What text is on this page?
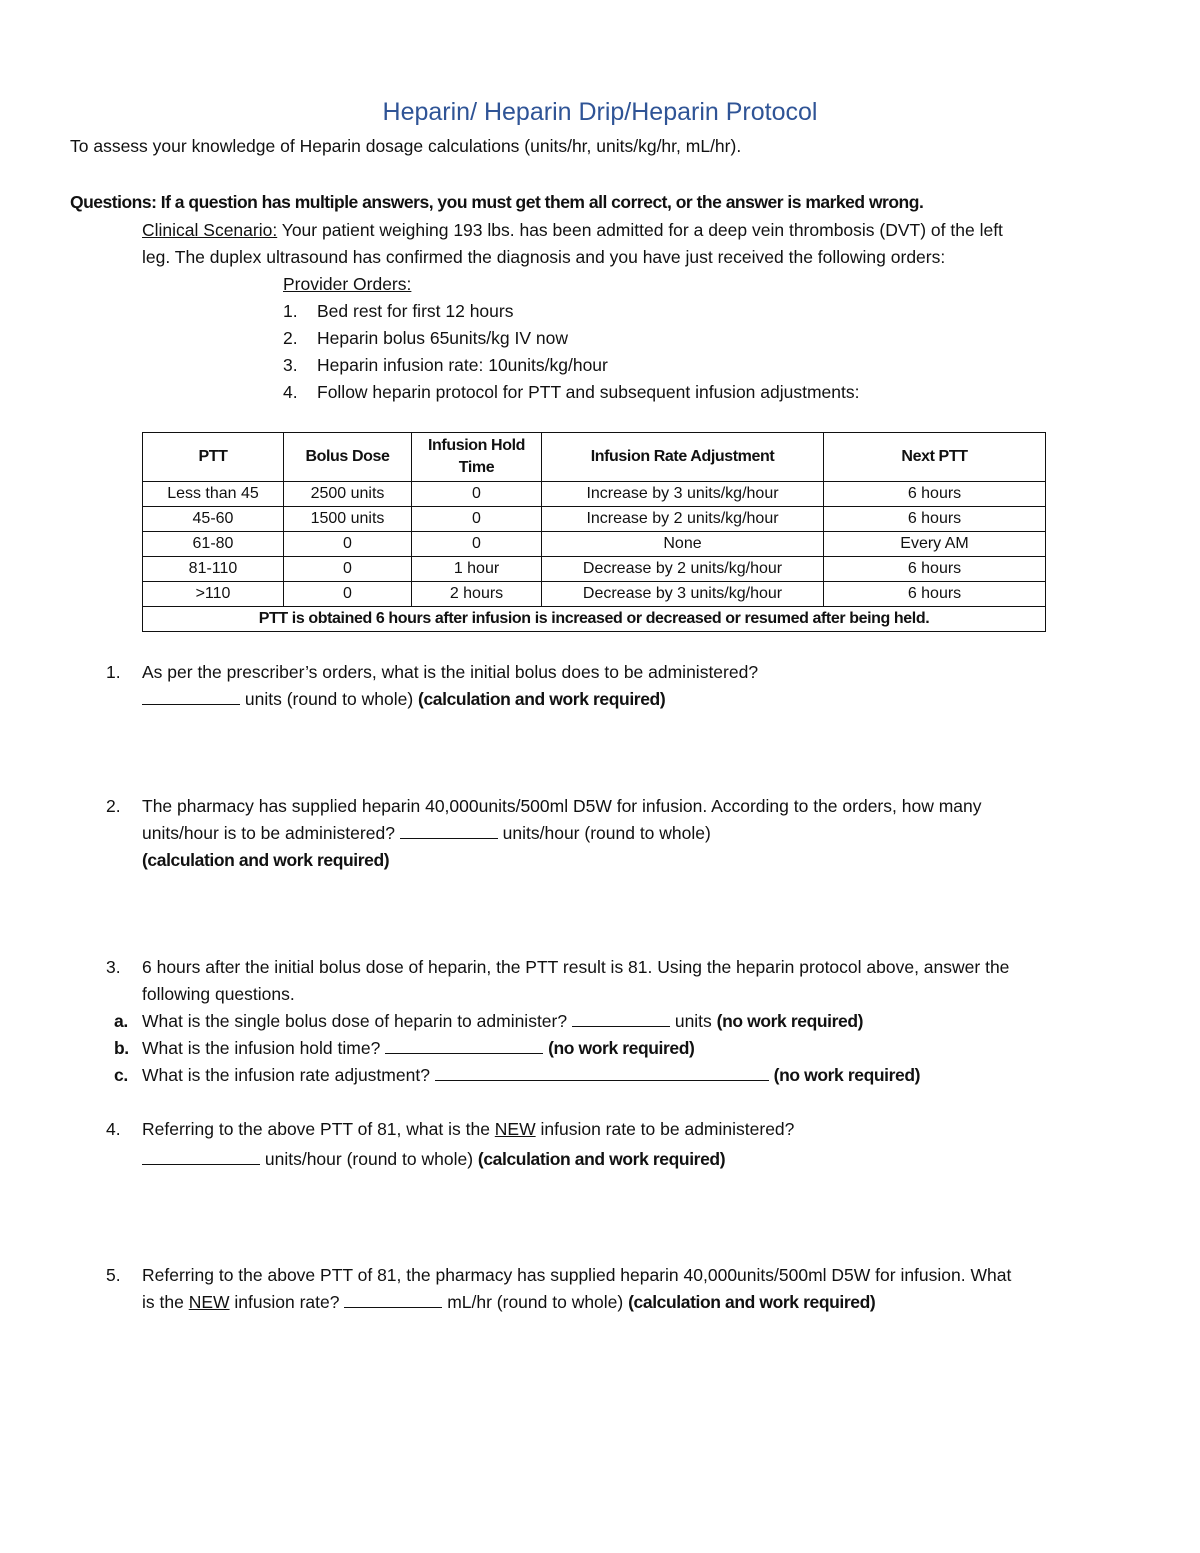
Heparin/ Heparin Drip/Heparin Protocol
To assess your knowledge of Heparin dosage calculations (units/hr, units/kg/hr, mL/hr).
Questions: If a question has multiple answers, you must get them all correct, or the answer is marked wrong.
Clinical Scenario: Your patient weighing 193 lbs. has been admitted for a deep vein thrombosis (DVT) of the left
leg. The duplex ultrasound has confirmed the diagnosis and you have just received the following orders:
Provider Orders:
1. Bed rest for first 12 hours
2. Heparin bolus 65units/kg IV now
3. Heparin infusion rate: 10units/kg/hour
4. Follow heparin protocol for PTT and subsequent infusion adjustments:
PTT	Bolus Dose	Infusion Hold Time	Infusion Rate Adjustment	Next PTT
Less than 45	2500 units	0	Increase by 3 units/kg/hour	6 hours
45-60	1500 units	0	Increase by 2 units/kg/hour	6 hours
61-80	0	0	None	Every AM
81-110	0	1 hour	Decrease by 2 units/kg/hour	6 hours
>110	0	2 hours	Decrease by 3 units/kg/hour	6 hours
PTT is obtained 6 hours after infusion is increased or decreased or resumed after being held.				
1. As per the prescriber’s orders, what is the initial bolus does to be administered?
units (round to whole) (calculation and work required)
2. The pharmacy has supplied heparin 40,000units/500ml D5W for infusion. According to the orders, how many
units/hour is to be administered?	units/hour (round to whole)
(calculation and work required)
3. 6 hours after the initial bolus dose of heparin, the PTT result is 81. Using the heparin protocol above, answer the
following questions.
a. What is the single bolus dose of heparin to administer?	units (no work required)
b. What is the infusion hold time?	(no work required)
c. What is the infusion rate adjustment?	(no work required)
4. Referring to the above PTT of 81, what is the NEW infusion rate to be administered?
units/hour (round to whole) (calculation and work required)
5. Referring to the above PTT of 81, the pharmacy has supplied heparin 40,000units/500ml D5W for infusion. What
is the NEW infusion rate?	mL/hr (round to whole) (calculation and work required)
